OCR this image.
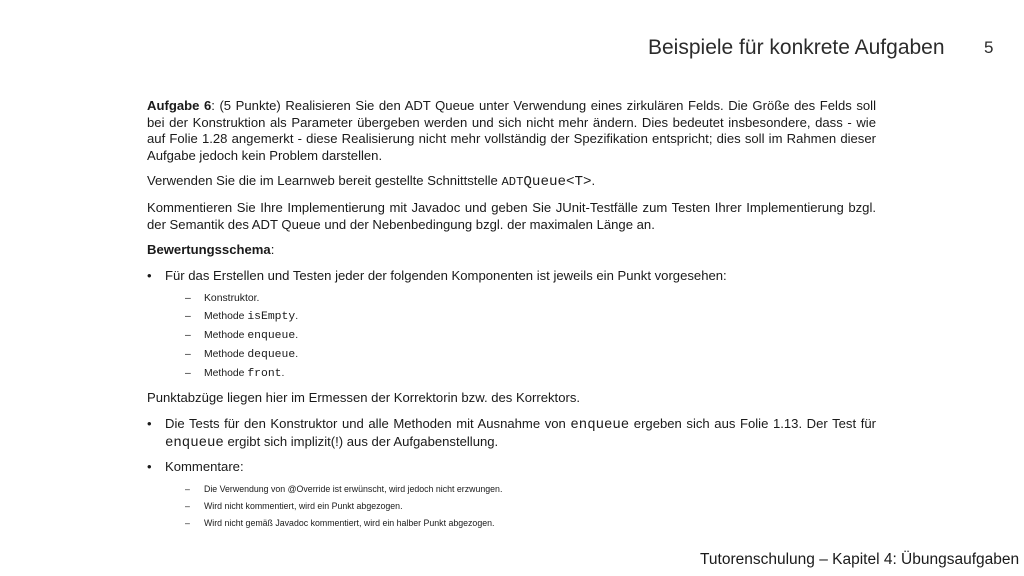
Beispiele für konkrete Aufgaben 5

Aufgabe 6: (5 Punkte) Realisieren Sie den ADT Queue unter Verwendung eines zirkulären Felds. Die Größe des Felds soll bei der Konstruktion als Parameter übergeben werden und sich nicht mehr ändern. Dies bedeutet insbesondere, dass - wie auf Folie 1.28 angemerkt - diese Realisierung nicht mehr vollständig der Spezifikation entspricht; dies soll im Rahmen dieser Aufgabe jedoch kein Problem darstellen.

Verwenden Sie die im Learnweb bereit gestellte Schnittstelle ADTQueue<T>.

Kommentieren Sie Ihre Implementierung mit Javadoc und geben Sie JUnit-Testfälle zum Testen Ihrer Implementierung bzgl. der Semantik des ADT Queue und der Nebenbedingung bzgl. der maximalen Länge an.

Bewertungsschema:

• Für das Erstellen und Testen jeder der folgenden Komponenten ist jeweils ein Punkt vorgesehen:
– Konstruktor.
– Methode isEmpty.
– Methode enqueue.
– Methode dequeue.
– Methode front.

Punktabzüge liegen hier im Ermessen der Korrektorin bzw. des Korrektors.

• Die Tests für den Konstruktor und alle Methoden mit Ausnahme von enqueue ergeben sich aus Folie 1.13. Der Test für enqueue ergibt sich implizit(!) aus der Aufgabenstellung.
• Kommentare:
– Die Verwendung von @Override ist erwünscht, wird jedoch nicht erzwungen.
– Wird nicht kommentiert, wird ein Punkt abgezogen.
– Wird nicht gemäß Javadoc kommentiert, wird ein halber Punkt abgezogen.
Tutorenschulung – Kapitel 4: Übungsaufgaben
